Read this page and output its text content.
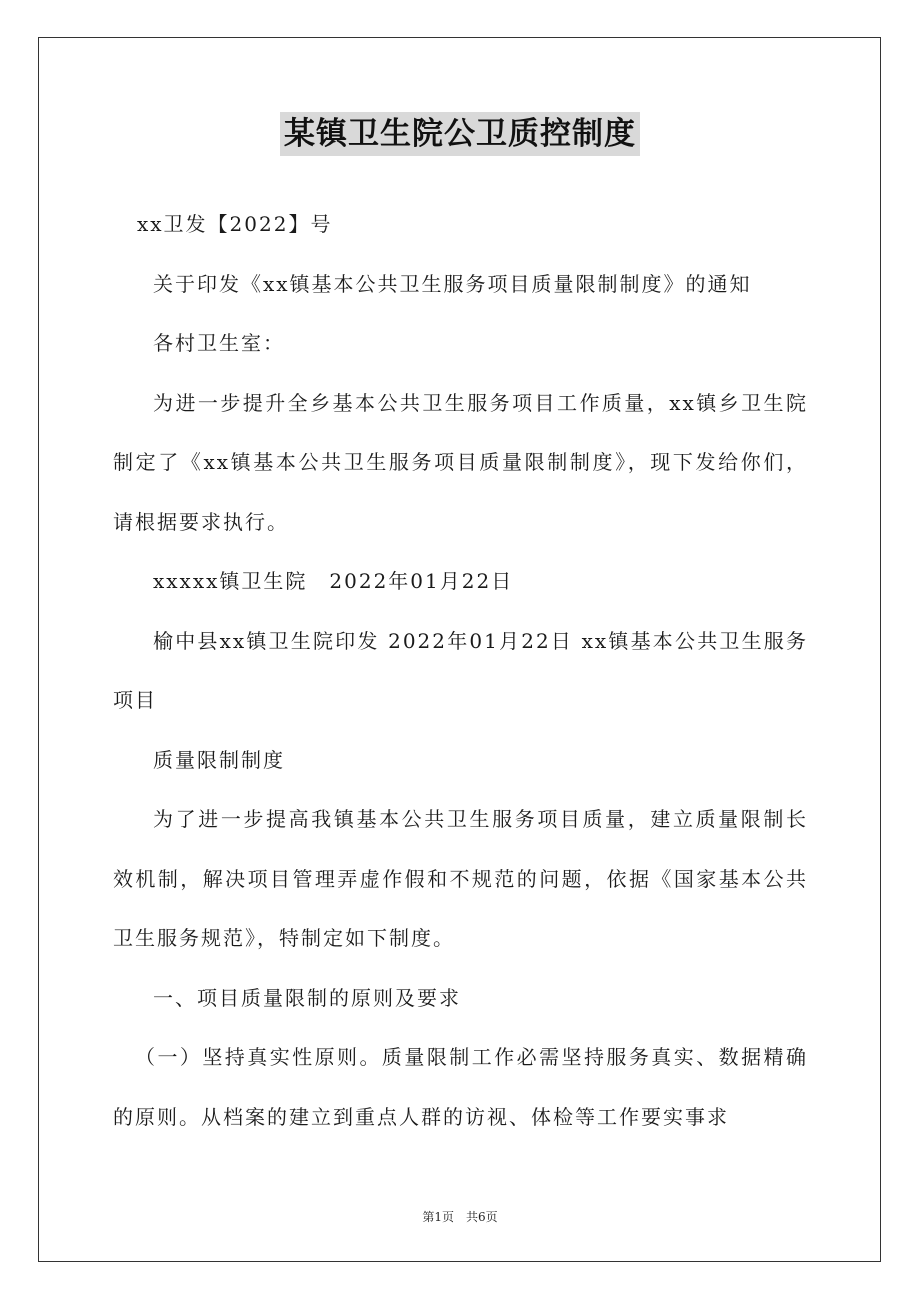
某镇卫生院公卫质控制度

xx卫发【2022】号

关于印发《xx镇基本公共卫生服务项目质量限制制度》的通知

各村卫生室：

为进一步提升全乡基本公共卫生服务项目工作质量，xx镇乡卫生院制定了《xx镇基本公共卫生服务项目质量限制制度》，现下发给你们，请根据要求执行。

xxxxx镇卫生院　2022年01月22日

榆中县xx镇卫生院印发 2022年01月22日 xx镇基本公共卫生服务项目

质量限制制度

为了进一步提高我镇基本公共卫生服务项目质量，建立质量限制长效机制，解决项目管理弄虚作假和不规范的问题，依据《国家基本公共卫生服务规范》，特制定如下制度。

一、项目质量限制的原则及要求

（一）坚持真实性原则。质量限制工作必需坚持服务真实、数据精确的原则。从档案的建立到重点人群的访视、体检等工作要实事求

第1页　共6页
